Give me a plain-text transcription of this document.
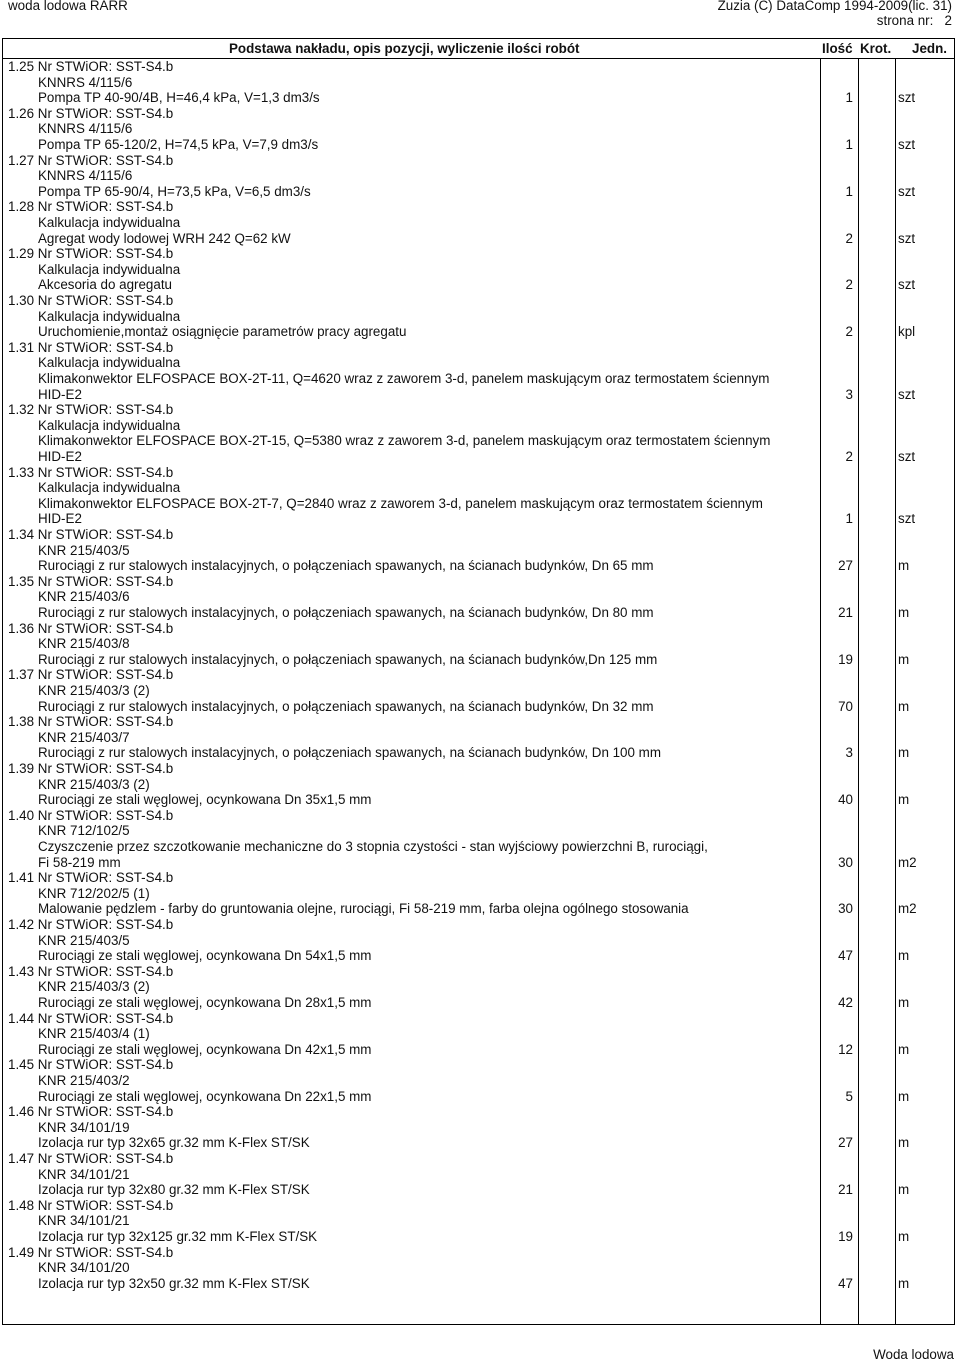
woda lodowa RARR	Zuzia (C) DataComp 1994-2009(lic. 31)
strona nr: 2
Podstawa nakładu, opis pozycji, wyliczenie ilości robót	Ilość Krot. Jedn.
1.25 Nr STWiOR: SST-S4.b
KNNRS 4/115/6
Pompa TP 40-90/4B, H=46,4 kPa, V=1,3 dm3/s	1	szt
1.26 Nr STWiOR: SST-S4.b
KNNRS 4/115/6
Pompa TP 65-120/2, H=74,5 kPa, V=7,9 dm3/s	1	szt
1.27 Nr STWiOR: SST-S4.b
KNNRS 4/115/6
Pompa TP 65-90/4, H=73,5 kPa, V=6,5 dm3/s	1	szt
1.28 Nr STWiOR: SST-S4.b
Kalkulacja indywidualna
Agregat wody lodowej WRH 242 Q=62 kW	2	szt
1.29 Nr STWiOR: SST-S4.b
Kalkulacja indywidualna
Akcesoria do agregatu	2	szt
1.30 Nr STWiOR: SST-S4.b
Kalkulacja indywidualna
Uruchomienie,montaż osiągnięcie parametrów pracy agregatu	2	kpl
1.31 Nr STWiOR: SST-S4.b
Kalkulacja indywidualna
Klimakonwektor ELFOSPACE BOX-2T-11, Q=4620 wraz z zaworem 3-d, panelem maskującym oraz termostatem ściennym
HID-E2	3	szt
1.32 Nr STWiOR: SST-S4.b
Kalkulacja indywidualna
Klimakonwektor ELFOSPACE BOX-2T-15, Q=5380 wraz z zaworem 3-d, panelem maskującym oraz termostatem ściennym
HID-E2	2	szt
1.33 Nr STWiOR: SST-S4.b
Kalkulacja indywidualna
Klimakonwektor ELFOSPACE BOX-2T-7, Q=2840 wraz z zaworem 3-d, panelem maskującym oraz termostatem ściennym
HID-E2	1	szt
1.34 Nr STWiOR: SST-S4.b
KNR 215/403/5
Rurociągi z rur stalowych instalacyjnych, o połączeniach spawanych, na ścianach budynków, Dn 65 mm	27	m
1.35 Nr STWiOR: SST-S4.b
KNR 215/403/6
Rurociągi z rur stalowych instalacyjnych, o połączeniach spawanych, na ścianach budynków, Dn 80 mm	21	m
1.36 Nr STWiOR: SST-S4.b
KNR 215/403/8
Rurociągi z rur stalowych instalacyjnych, o połączeniach spawanych, na ścianach budynków,Dn 125 mm	19	m
1.37 Nr STWiOR: SST-S4.b
KNR 215/403/3 (2)
Rurociągi z rur stalowych instalacyjnych, o połączeniach spawanych, na ścianach budynków, Dn 32 mm	70	m
1.38 Nr STWiOR: SST-S4.b
KNR 215/403/7
Rurociągi z rur stalowych instalacyjnych, o połączeniach spawanych, na ścianach budynków, Dn 100 mm	3	m
1.39 Nr STWiOR: SST-S4.b
KNR 215/403/3 (2)
Rurociągi ze stali węglowej, ocynkowana Dn 35x1,5 mm	40	m
1.40 Nr STWiOR: SST-S4.b
KNR 712/102/5
Czyszczenie przez szczotkowanie mechaniczne do 3 stopnia czystości - stan wyjściowy powierzchni B, rurociągi,
Fi 58-219 mm	30	m2
1.41 Nr STWiOR: SST-S4.b
KNR 712/202/5 (1)
Malowanie pędzlem - farby do gruntowania olejne, rurociągi, Fi 58-219 mm, farba olejna ogólnego stosowania	30	m2
1.42 Nr STWiOR: SST-S4.b
KNR 215/403/5
Rurociągi ze stali węglowej, ocynkowana Dn 54x1,5 mm	47	m
1.43 Nr STWiOR: SST-S4.b
KNR 215/403/3 (2)
Rurociągi ze stali węglowej, ocynkowana Dn 28x1,5 mm	42	m
1.44 Nr STWiOR: SST-S4.b
KNR 215/403/4 (1)
Rurociągi ze stali węglowej, ocynkowana Dn 42x1,5 mm	12	m
1.45 Nr STWiOR: SST-S4.b
KNR 215/403/2
Rurociągi ze stali węglowej, ocynkowana Dn 22x1,5 mm	5	m
1.46 Nr STWiOR: SST-S4.b
KNR 34/101/19
Izolacja rur typ 32x65 gr.32 mm K-Flex ST/SK	27	m
1.47 Nr STWiOR: SST-S4.b
KNR 34/101/21
Izolacja rur typ 32x80 gr.32 mm K-Flex ST/SK	21	m
1.48 Nr STWiOR: SST-S4.b
KNR 34/101/21
Izolacja rur typ 32x125 gr.32 mm K-Flex ST/SK	19	m
1.49 Nr STWiOR: SST-S4.b
KNR 34/101/20
Izolacja rur typ 32x50 gr.32 mm K-Flex ST/SK	47	m
Woda lodowa
